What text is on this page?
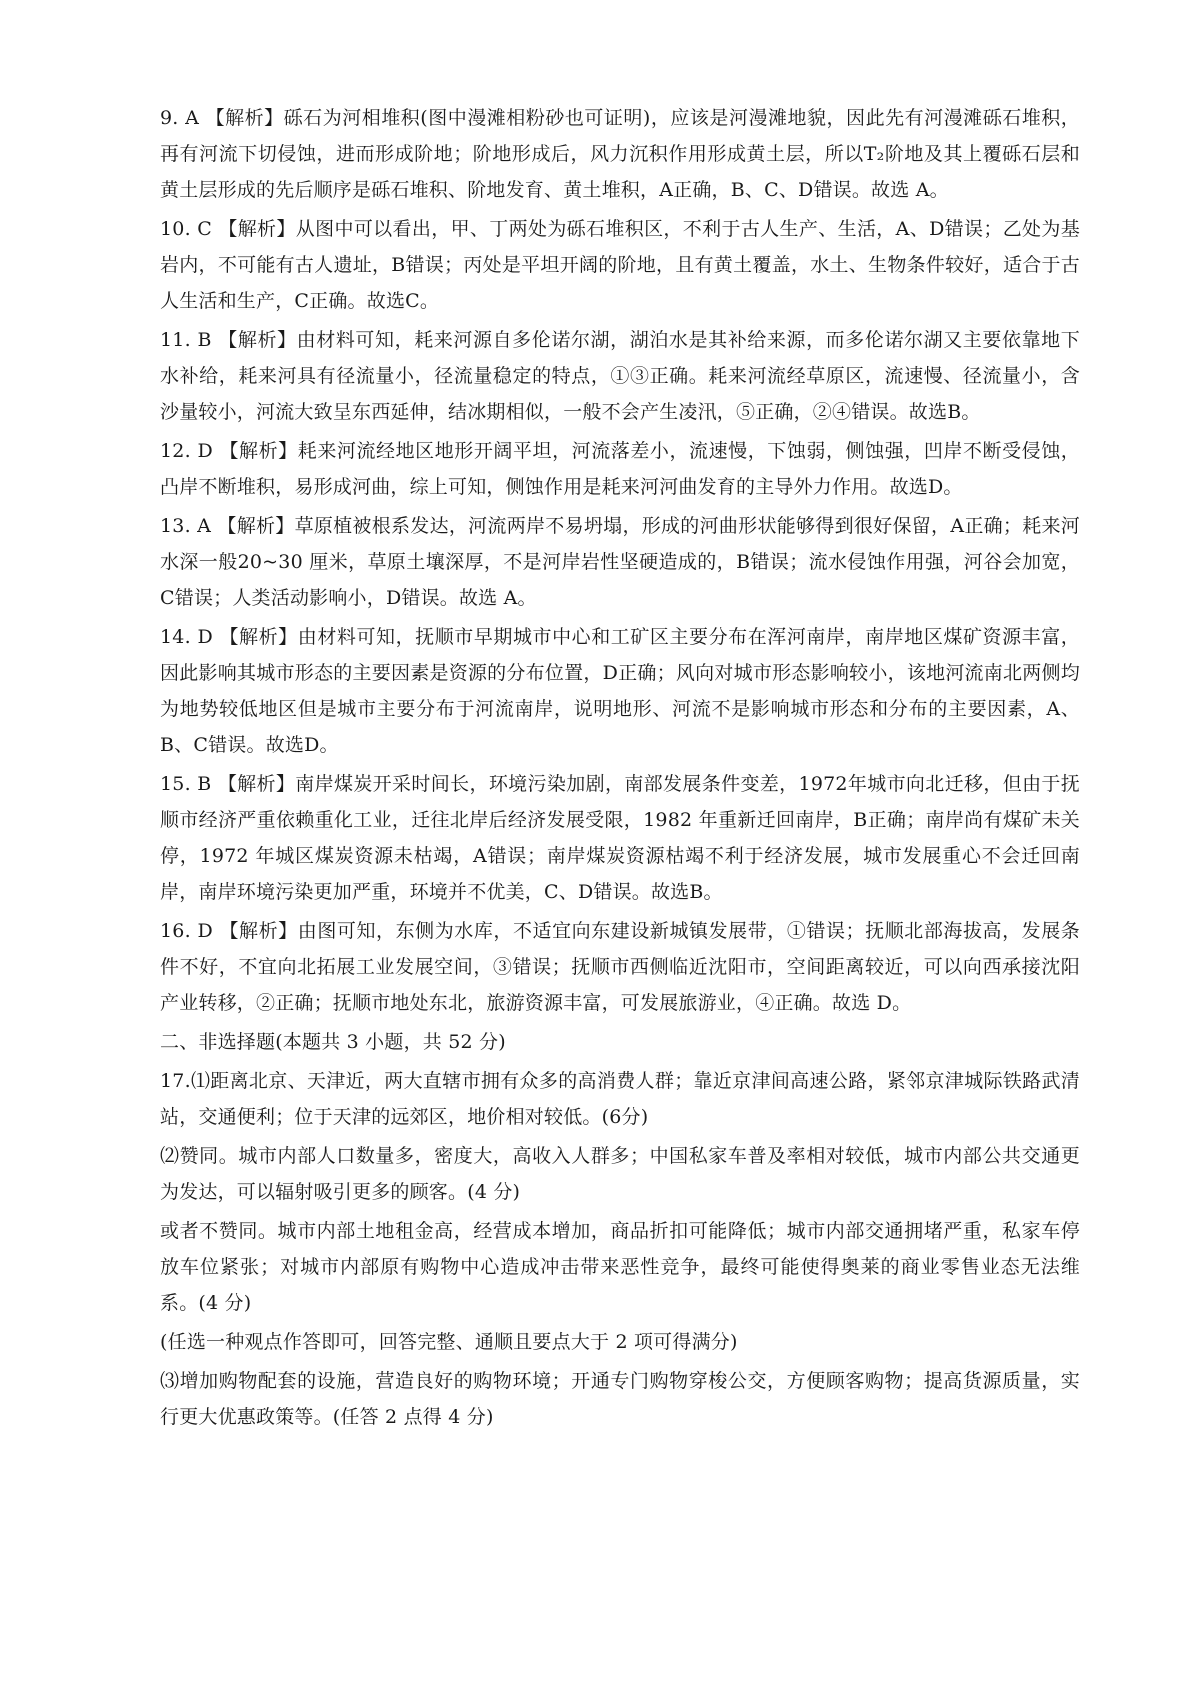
9. A 【解析】砾石为河相堆积(图中漫滩相粉砂也可证明)，应该是河漫滩地貌，因此先有河漫滩砾石堆积，再有河流下切侵蚀，进而形成阶地；阶地形成后，风力沉积作用形成黄土层，所以T₂阶地及其上覆砾石层和黄土层形成的先后顺序是砾石堆积、阶地发育、黄土堆积，A正确，B、C、D错误。故选 A。

10. C 【解析】从图中可以看出，甲、丁两处为砾石堆积区，不利于古人生产、生活，A、D错误；乙处为基岩内，不可能有古人遗址，B错误；丙处是平坦开阔的阶地，且有黄土覆盖，水土、生物条件较好，适合于古人生活和生产，C正确。故选C。

11. B 【解析】由材料可知，耗来河源自多伦诺尔湖，湖泊水是其补给来源，而多伦诺尔湖又主要依靠地下水补给，耗来河具有径流量小，径流量稳定的特点，①③正确。耗来河流经草原区，流速慢、径流量小，含沙量较小，河流大致呈东西延伸，结冰期相似，一般不会产生凌汛，⑤正确，②④错误。故选B。

12. D 【解析】耗来河流经地区地形开阔平坦，河流落差小，流速慢，下蚀弱，侧蚀强，凹岸不断受侵蚀，凸岸不断堆积，易形成河曲，综上可知，侧蚀作用是耗来河河曲发育的主导外力作用。故选D。

13. A 【解析】草原植被根系发达，河流两岸不易坍塌，形成的河曲形状能够得到很好保留，A正确；耗来河水深一般20~30 厘米，草原土壤深厚，不是河岸岩性坚硬造成的，B错误；流水侵蚀作用强，河谷会加宽，C错误；人类活动影响小，D错误。故选 A。

14. D 【解析】由材料可知，抚顺市早期城市中心和工矿区主要分布在浑河南岸，南岸地区煤矿资源丰富，因此影响其城市形态的主要因素是资源的分布位置，D正确；风向对城市形态影响较小，该地河流南北两侧均为地势较低地区但是城市主要分布于河流南岸，说明地形、河流不是影响城市形态和分布的主要因素，A、B、C错误。故选D。

15. B 【解析】南岸煤炭开采时间长，环境污染加剧，南部发展条件变差，1972年城市向北迁移，但由于抚顺市经济严重依赖重化工业，迁往北岸后经济发展受限，1982 年重新迁回南岸，B正确；南岸尚有煤矿未关停，1972 年城区煤炭资源未枯竭，A错误；南岸煤炭资源枯竭不利于经济发展，城市发展重心不会迁回南岸，南岸环境污染更加严重，环境并不优美，C、D错误。故选B。

16. D 【解析】由图可知，东侧为水库，不适宜向东建设新城镇发展带，①错误；抚顺北部海拔高，发展条件不好，不宜向北拓展工业发展空间，③错误；抚顺市西侧临近沈阳市，空间距离较近，可以向西承接沈阳产业转移，②正确；抚顺市地处东北，旅游资源丰富，可发展旅游业，④正确。故选 D。

二、非选择题(本题共 3 小题，共 52 分)

17.⑴距离北京、天津近，两大直辖市拥有众多的高消费人群；靠近京津间高速公路，紧邻京津城际铁路武清站，交通便利；位于天津的远郊区，地价相对较低。(6分)

⑵赞同。城市内部人口数量多，密度大，高收入人群多；中国私家车普及率相对较低，城市内部公共交通更为发达，可以辐射吸引更多的顾客。(4 分)

或者不赞同。城市内部土地租金高，经营成本增加，商品折扣可能降低；城市内部交通拥堵严重，私家车停放车位紧张；对城市内部原有购物中心造成冲击带来恶性竞争，最终可能使得奥莱的商业零售业态无法维系。(4 分)

(任选一种观点作答即可，回答完整、通顺且要点大于 2 项可得满分)

⑶增加购物配套的设施，营造良好的购物环境；开通专门购物穿梭公交，方便顾客购物；提高货源质量，实行更大优惠政策等。(任答 2 点得 4 分)
